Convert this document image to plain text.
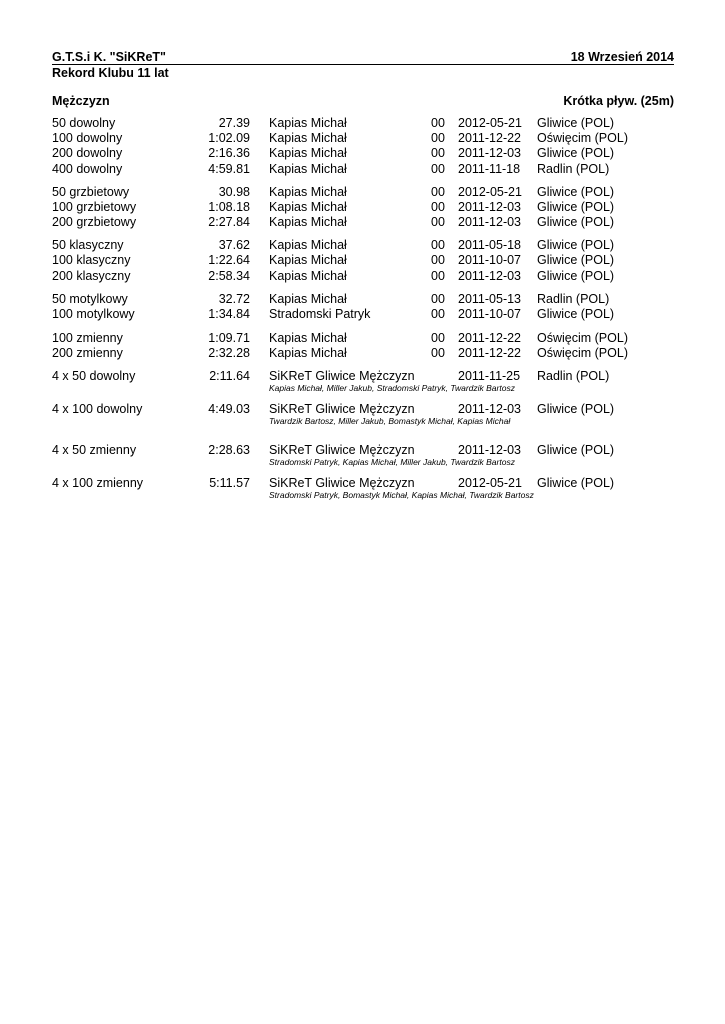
G.T.S.i K. "SiKReT"
Rekord Klubu 11 lat
18 Wrzesień 2014
Mężczyzn	Krótka pływ. (25m)
50 dowolny	27.39 Kapias Michał	00 2012-05-21 Gliwice (POL)
100 dowolny	1:02.09 Kapias Michał	00 2011-12-22 Oświęcim (POL)
200 dowolny	2:16.36 Kapias Michał	00 2011-12-03 Gliwice (POL)
400 dowolny	4:59.81 Kapias Michał	00 2011-11-18 Radlin (POL)
50 grzbietowy	30.98 Kapias Michał	00 2012-05-21 Gliwice (POL)
100 grzbietowy	1:08.18 Kapias Michał	00 2011-12-03 Gliwice (POL)
200 grzbietowy	2:27.84 Kapias Michał	00 2011-12-03 Gliwice (POL)
50 klasyczny	37.62 Kapias Michał	00 2011-05-18 Gliwice (POL)
100 klasyczny	1:22.64 Kapias Michał	00 2011-10-07 Gliwice (POL)
200 klasyczny	2:58.34 Kapias Michał	00 2011-12-03 Gliwice (POL)
50 motylkowy	32.72 Kapias Michał	00 2011-05-13 Radlin (POL)
100 motylkowy	1:34.84 Stradomski Patryk	00 2011-10-07 Gliwice (POL)
100 zmienny	1:09.71 Kapias Michał	00 2011-12-22 Oświęcim (POL)
200 zmienny	2:32.28 Kapias Michał	00 2011-12-22 Oświęcim (POL)
4 x 50 dowolny	2:11.64 SiKReT Gliwice Mężczyzn	2011-11-25 Radlin (POL)
Kapias Michał, Miller Jakub, Stradomski Patryk, Twardzik Bartosz
4 x 100 dowolny	4:49.03 SiKReT Gliwice Mężczyzn	2011-12-03 Gliwice (POL)
Twardzik Bartosz, Miller Jakub, Bomastyk Michał, Kapias Michał
4 x 50 zmienny	2:28.63 SiKReT Gliwice Mężczyzn	2011-12-03 Gliwice (POL)
Stradomski Patryk, Kapias Michał, Miller Jakub, Twardzik Bartosz
4 x 100 zmienny	5:11.57 SiKReT Gliwice Mężczyzn	2012-05-21 Gliwice (POL)
Stradomski Patryk, Bomastyk Michał, Kapias Michał, Twardzik Bartosz
